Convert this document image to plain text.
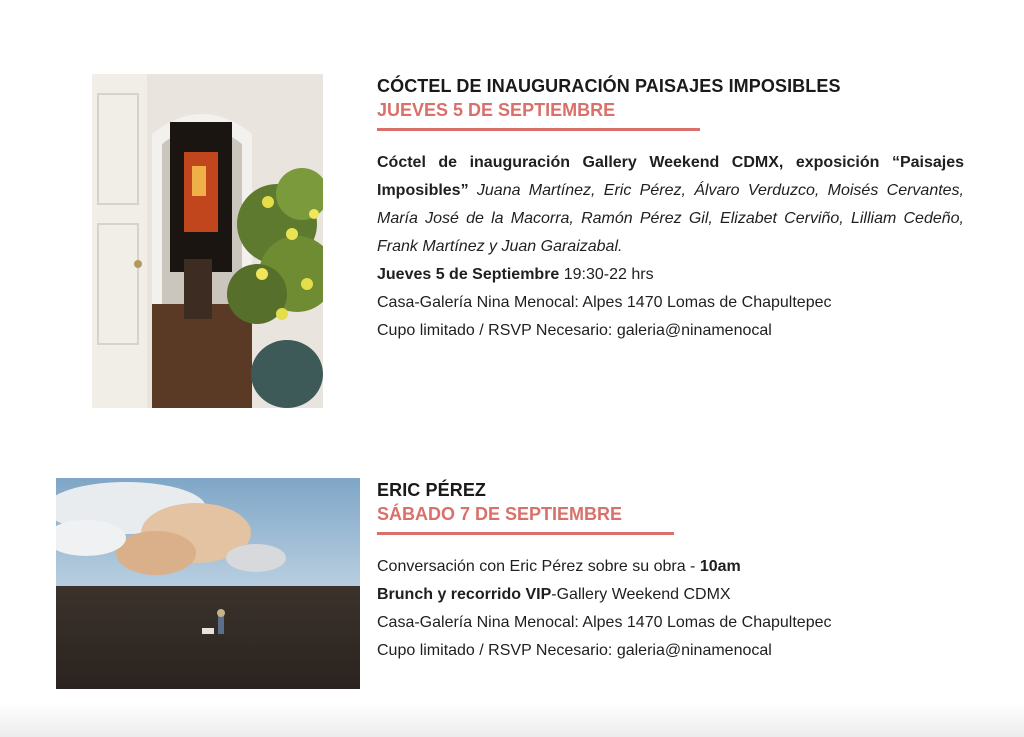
CÓCTEL DE INAUGURACIÓN PAISAJES IMPOSIBLES
JUEVES 5 DE SEPTIEMBRE

Cóctel de inauguración Gallery Weekend CDMX, exposición “Paisajes Imposibles” Juana Martínez, Eric Pérez, Álvaro Verduzco, Moisés Cervantes, María José de la Macorra, Ramón Pérez Gil, Elizabet Cerviño, Lilliam Cedeño, Frank Martínez y Juan Garaizabal.

Jueves 5 de Septiembre 19:30-22 hrs

Casa-Galería Nina Menocal: Alpes 1470 Lomas de Chapultepec

Cupo limitado / RSVP Necesario: galeria@ninamenocal

ERIC PÉREZ
SÁBADO 7 DE SEPTIEMBRE

Conversación con Eric Pérez sobre su obra - 10am

Brunch y recorrido VIP-Gallery Weekend CDMX

Casa-Galería Nina Menocal: Alpes 1470 Lomas de Chapultepec

Cupo limitado / RSVP Necesario: galeria@ninamenocal
